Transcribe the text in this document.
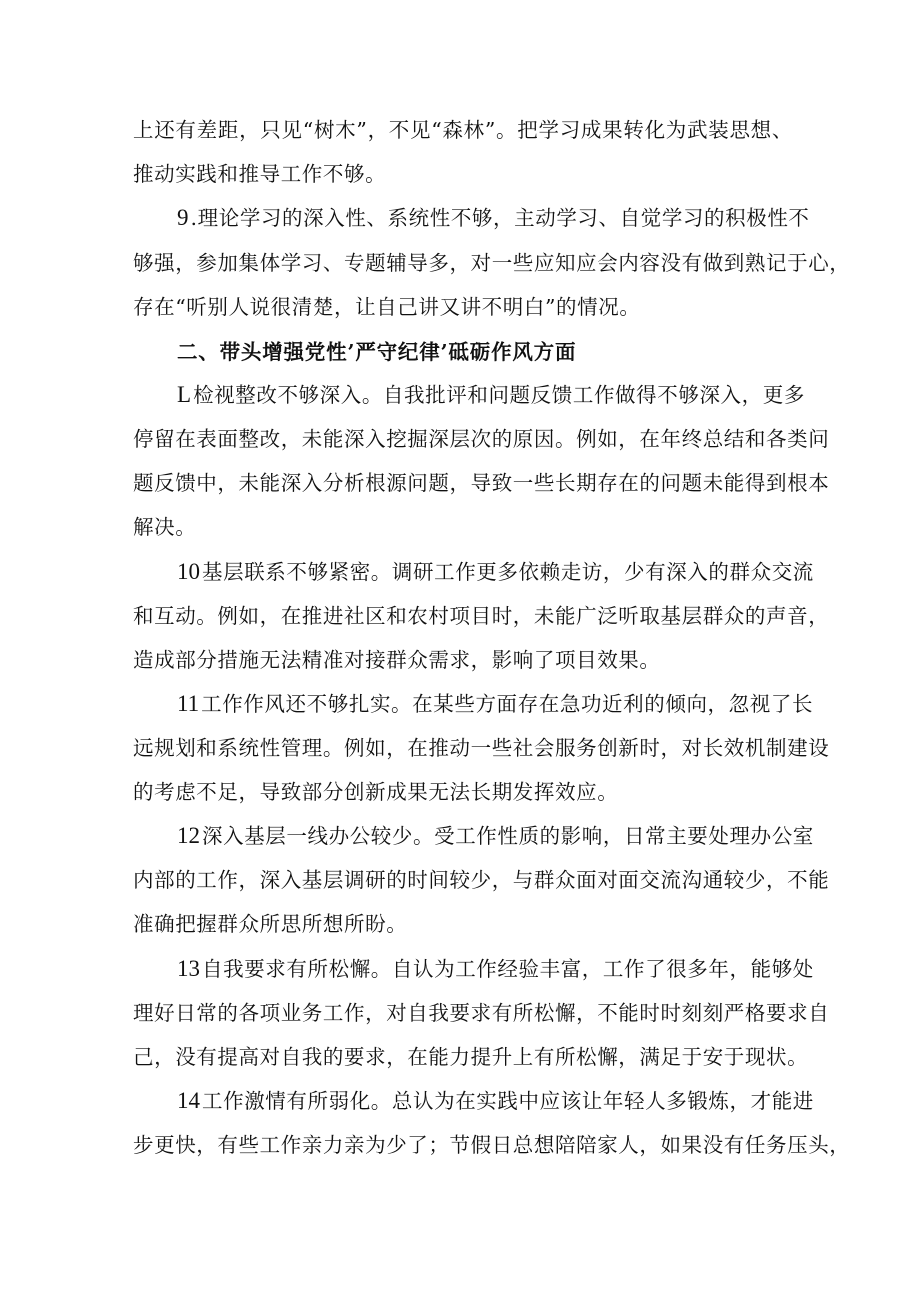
上还有差距，只见“树木”，不见“森林”。把学习成果转化为武装思想、
推动实践和推导工作不够。
9.理论学习的深入性、系统性不够，主动学习、自觉学习的积极性不
够强，参加集体学习、专题辅导多，对一些应知应会内容没有做到熟记于心，
存在“听别人说很清楚，让自己讲又讲不明白”的情况。
二、带头增强党性’严守纪律’砥砺作风方面
L检视整改不够深入。自我批评和问题反馈工作做得不够深入，更多
停留在表面整改，未能深入挖掘深层次的原因。例如，在年终总结和各类问
题反馈中，未能深入分析根源问题，导致一些长期存在的问题未能得到根本
解决。
10基层联系不够紧密。调研工作更多依赖走访，少有深入的群众交流
和互动。例如，在推进社区和农村项目时，未能广泛听取基层群众的声音，
造成部分措施无法精准对接群众需求，影响了项目效果。
11工作作风还不够扎实。在某些方面存在急功近利的倾向，忽视了长
远规划和系统性管理。例如，在推动一些社会服务创新时，对长效机制建设
的考虑不足，导致部分创新成果无法长期发挥效应。
12深入基层一线办公较少。受工作性质的影响，日常主要处理办公室
内部的工作，深入基层调研的时间较少，与群众面对面交流沟通较少，不能
准确把握群众所思所想所盼。
13自我要求有所松懈。自认为工作经验丰富，工作了很多年，能够处
理好日常的各项业务工作，对自我要求有所松懈，不能时时刻刻严格要求自
己，没有提高对自我的要求，在能力提升上有所松懈，满足于安于现状。
14工作激情有所弱化。总认为在实践中应该让年轻人多锻炼，才能进
步更快，有些工作亲力亲为少了；节假日总想陪陪家人，如果没有任务压头，
